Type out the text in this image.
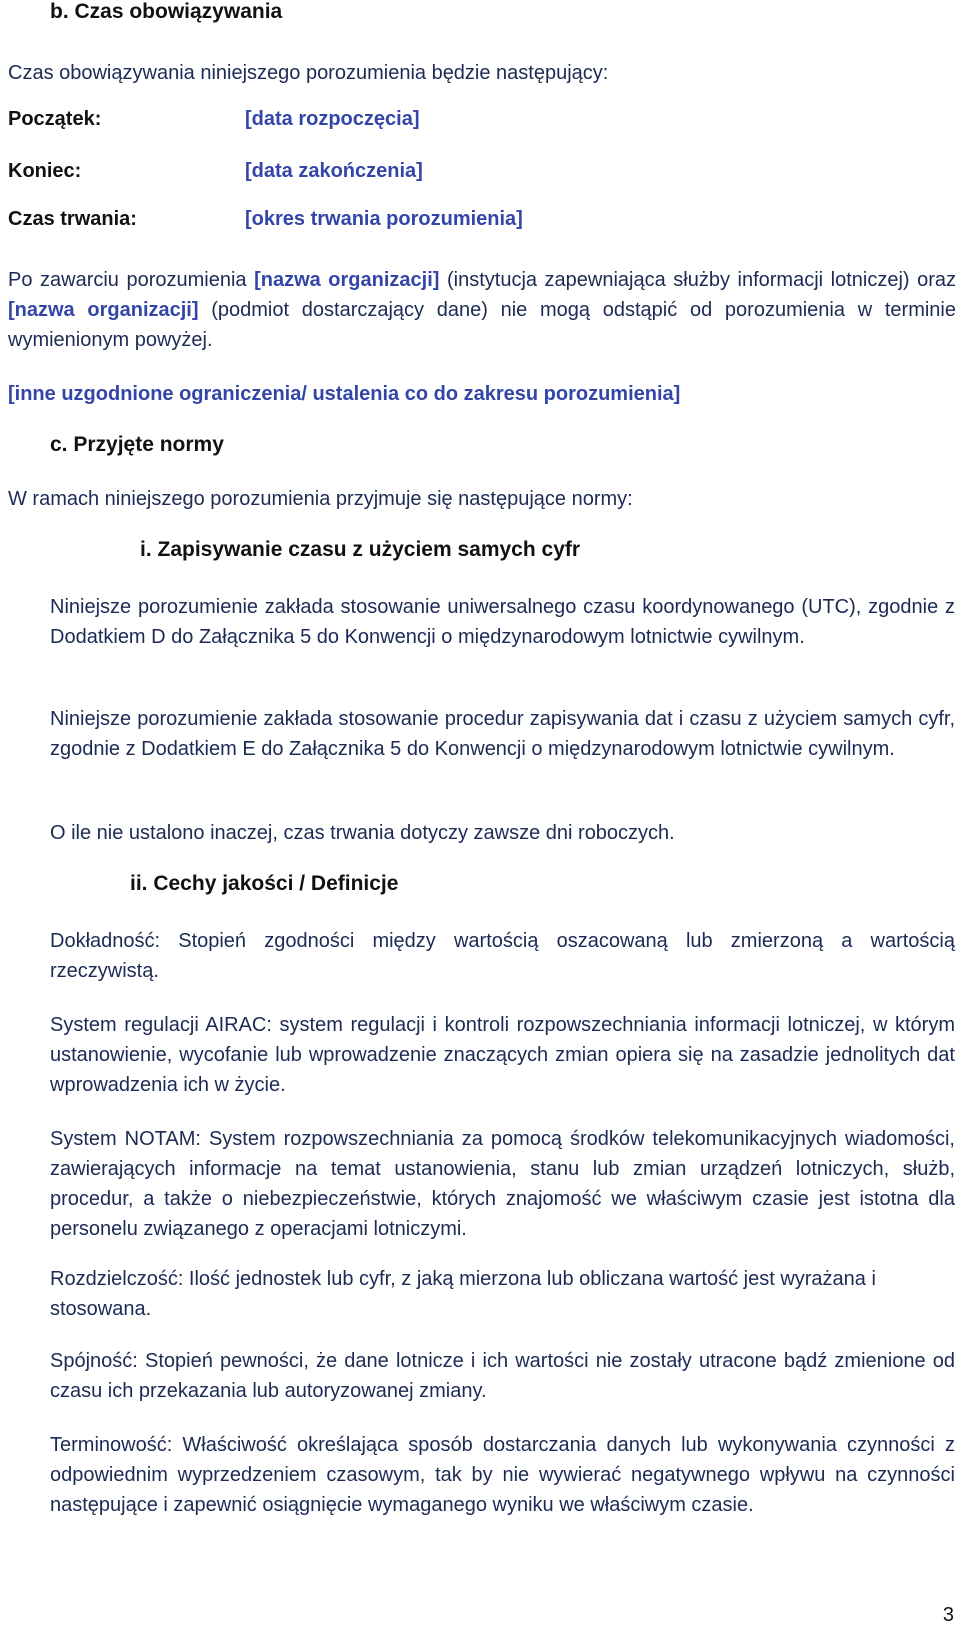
b. Czas obowiązywania
Czas obowiązywania niniejszego porozumienia będzie następujący:
Początek:	[data rozpoczęcia]
Koniec:	[data zakończenia]
Czas trwania:	[okres trwania porozumienia]
Po zawarciu porozumienia [nazwa organizacji] (instytucja zapewniająca służby informacji lotniczej) oraz [nazwa organizacji] (podmiot dostarczający dane) nie mogą odstąpić od porozumienia w terminie wymienionym powyżej.
[inne uzgodnione ograniczenia/ ustalenia co do zakresu porozumienia]
c. Przyjęte normy
W ramach niniejszego porozumienia przyjmuje się następujące normy:
i. Zapisywanie czasu z użyciem samych cyfr
Niniejsze porozumienie zakłada stosowanie uniwersalnego czasu koordynowanego (UTC), zgodnie z Dodatkiem D do Załącznika 5 do Konwencji o międzynarodowym lotnictwie cywilnym.
Niniejsze porozumienie zakłada stosowanie procedur zapisywania dat i czasu z użyciem samych cyfr, zgodnie z Dodatkiem E do Załącznika 5 do Konwencji o międzynarodowym lotnictwie cywilnym.
O ile nie ustalono inaczej, czas trwania dotyczy zawsze dni roboczych.
ii. Cechy jakości / Definicje
Dokładność: Stopień zgodności między wartością oszacowaną lub zmierzoną a wartością rzeczywistą.
System regulacji AIRAC: system regulacji i kontroli rozpowszechniania informacji lotniczej, w którym ustanowienie, wycofanie lub wprowadzenie znaczących zmian opiera się na zasadzie jednolitych dat wprowadzenia ich w życie.
System NOTAM: System rozpowszechniania za pomocą środków telekomunikacyjnych wiadomości, zawierających informacje na temat ustanowienia, stanu lub zmian urządzeń lotniczych, służb, procedur, a także o niebezpieczeństwie, których znajomość we właściwym czasie jest istotna dla personelu związanego z operacjami lotniczymi.
Rozdzielczość: Ilość jednostek lub cyfr, z jaką mierzona lub obliczana wartość jest wyrażana i stosowana.
Spójność: Stopień pewności, że dane lotnicze i ich wartości nie zostały utracone bądź zmienione od czasu ich przekazania lub autoryzowanej zmiany.
Terminowość: Właściwość określająca sposób dostarczania danych lub wykonywania czynności z odpowiednim wyprzedzeniem czasowym, tak by nie wywierać negatywnego wpływu na czynności następujące i zapewnić osiągnięcie wymaganego wyniku we właściwym czasie.
3
